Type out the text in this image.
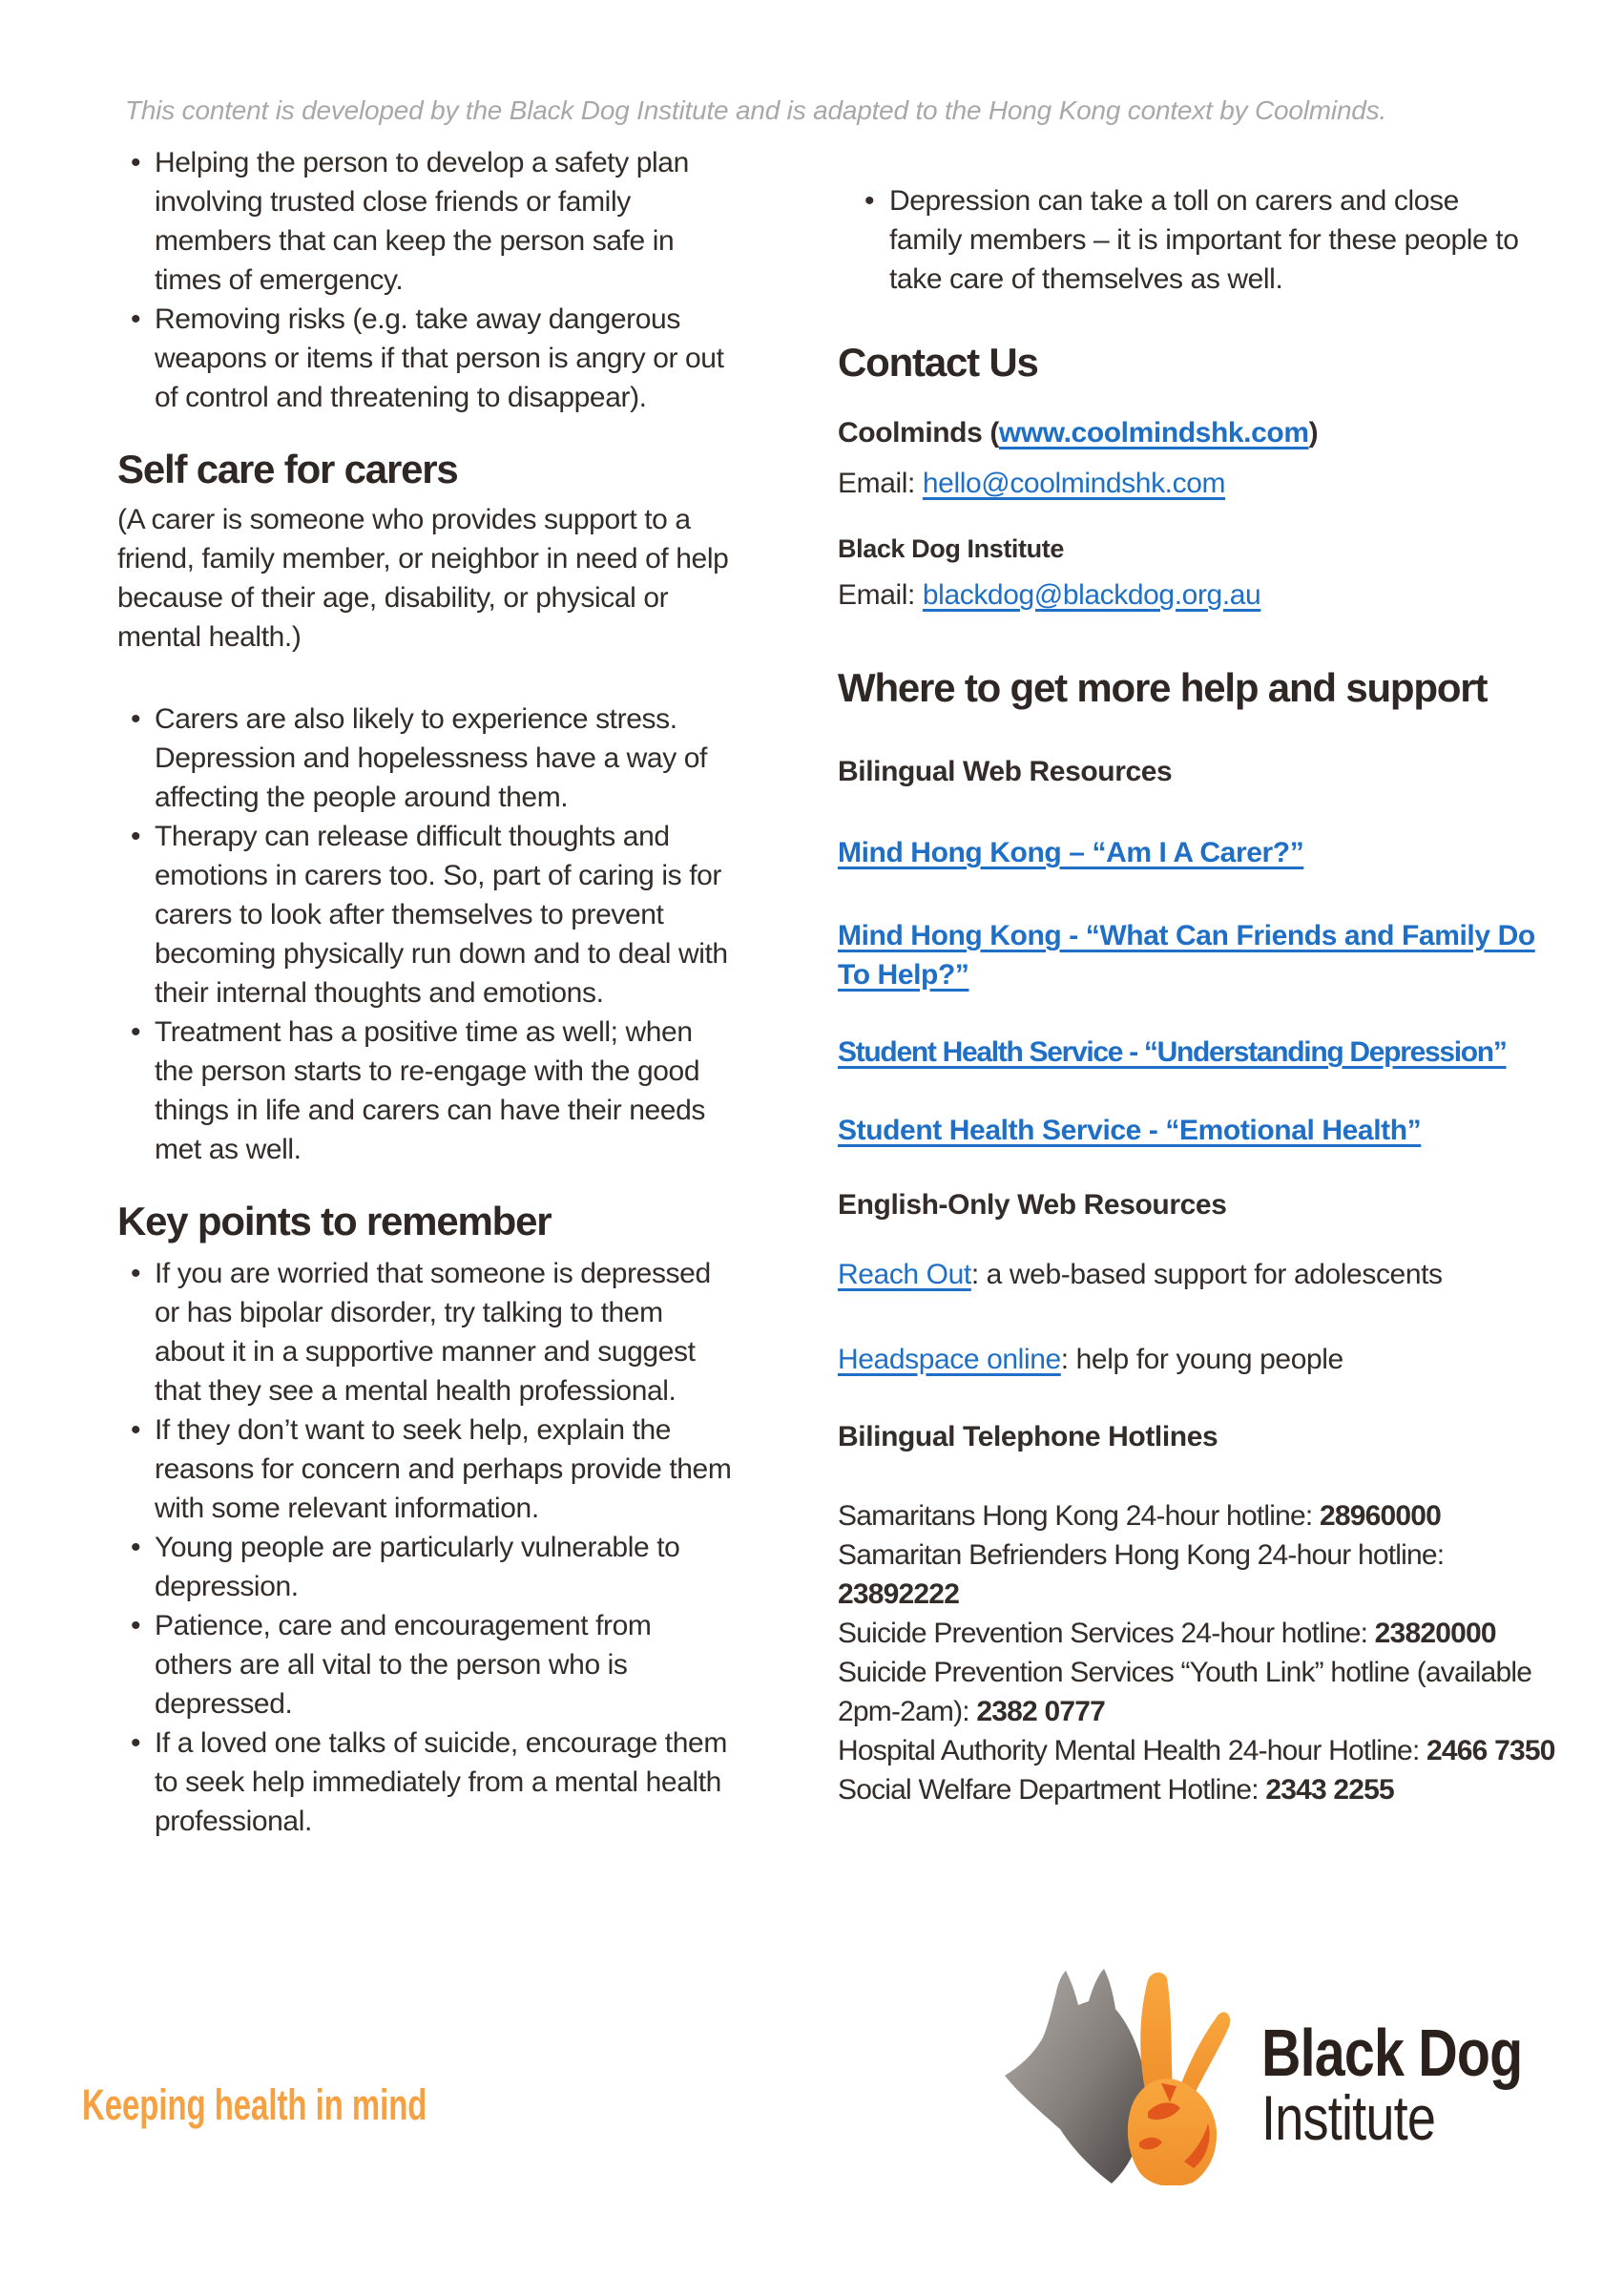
This content is developed by the Black Dog Institute and is adapted to the Hong Kong context by Coolminds.
• Helping the person to develop a safety plan involving trusted close friends or family members that can keep the person safe in times of emergency.
• Removing risks (e.g. take away dangerous weapons or items if that person is angry or out of control and threatening to disappear).
Self care for carers

(A carer is someone who provides support to a friend, family member, or neighbor in need of help because of their age, disability, or physical or mental health.)

• Carers are also likely to experience stress. Depression and hopelessness have a way of affecting the people around them.
• Therapy can release difficult thoughts and emotions in carers too. So, part of caring is for carers to look after themselves to prevent becoming physically run down and to deal with their internal thoughts and emotions.
• Treatment has a positive time as well; when the person starts to re-engage with the good things in life and carers can have their needs met as well.
Key points to remember
• If you are worried that someone is depressed or has bipolar disorder, try talking to them about it in a supportive manner and suggest that they see a mental health professional.
• If they don’t want to seek help, explain the reasons for concern and perhaps provide them with some relevant information.
• Young people are particularly vulnerable to depression.
• Patience, care and encouragement from others are all vital to the person who is depressed.
• If a loved one talks of suicide, encourage them to seek help immediately from a mental health professional.
• Depression can take a toll on carers and close family members – it is important for these people to take care of themselves as well.
Contact Us

Coolminds (www.coolmindshk.com)

Email: hello@coolmindshk.com

Black Dog Institute

Email: blackdog@blackdog.org.au

Where to get more help and support

Bilingual Web Resources

Mind Hong Kong – “Am I A Carer?”

Mind Hong Kong - “What Can Friends and Family Do
To Help?”

Student Health Service - “Understanding Depression”

Student Health Service - “Emotional Health”

English-Only Web Resources

Reach Out: a web-based support for adolescents

Headspace online: help for young people

Bilingual Telephone Hotlines

Samaritans Hong Kong 24-hour hotline: 28960000
Samaritan Befrienders Hong Kong 24-hour hotline: 23892222
Suicide Prevention Services 24-hour hotline: 23820000
Suicide Prevention Services “Youth Link” hotline (available 2pm-2am): 2382 0777
Hospital Authority Mental Health 24-hour Hotline: 2466 7350
Social Welfare Department Hotline: 2343 2255
Keeping health in mind
Black Dog
Institute
